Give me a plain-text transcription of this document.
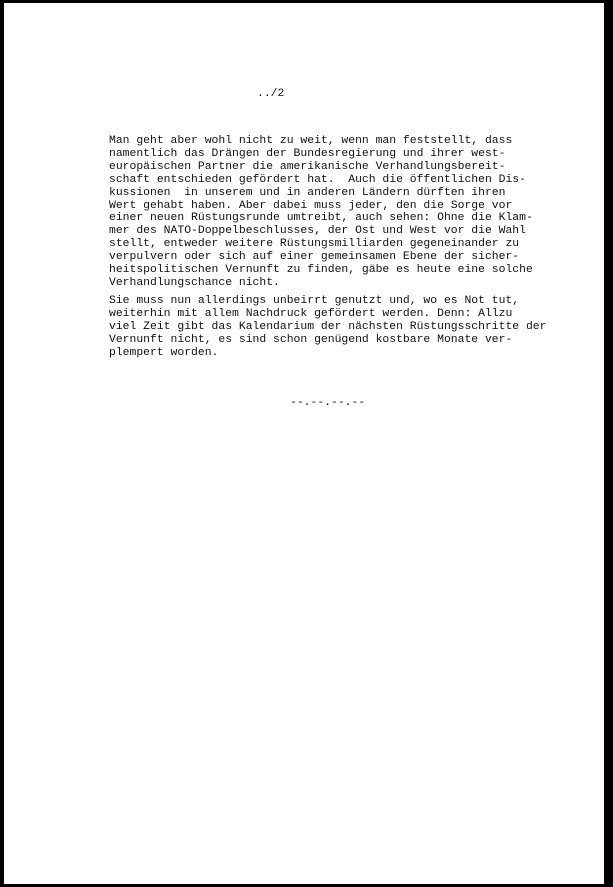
../2

Man geht aber wohl nicht zu weit, wenn man feststellt, dass
namentlich das Drängen der Bundesregierung und ihrer west-
europäischen Partner die amerikanische Verhandlungsbereit-
schaft entschieden gefördert hat.  Auch die öffentlichen Dis-
kussionen  in unserem und in anderen Ländern dürften ihren
Wert gehabt haben. Aber dabei muss jeder, den die Sorge vor
einer neuen Rüstungsrunde umtreibt, auch sehen: Ohne die Klam-
mer des NATO-Doppelbeschlusses, der Ost und West vor die Wahl
stellt, entweder weitere Rüstungsmilliarden gegeneinander zu
verpulvern oder sich auf einer gemeinsamen Ebene der sicher-
heitspolitischen Vernunft zu finden, gäbe es heute eine solche
Verhandlungschance nicht.

Sie muss nun allerdings unbeirrt genutzt und, wo es Not tut,
weiterhin mit allem Nachdruck gefördert werden. Denn: Allzu
viel Zeit gibt das Kalendarium der nächsten Rüstungsschritte der
Vernunft nicht, es sind schon genügend kostbare Monate ver-
plempert worden.

--.--.--.--
